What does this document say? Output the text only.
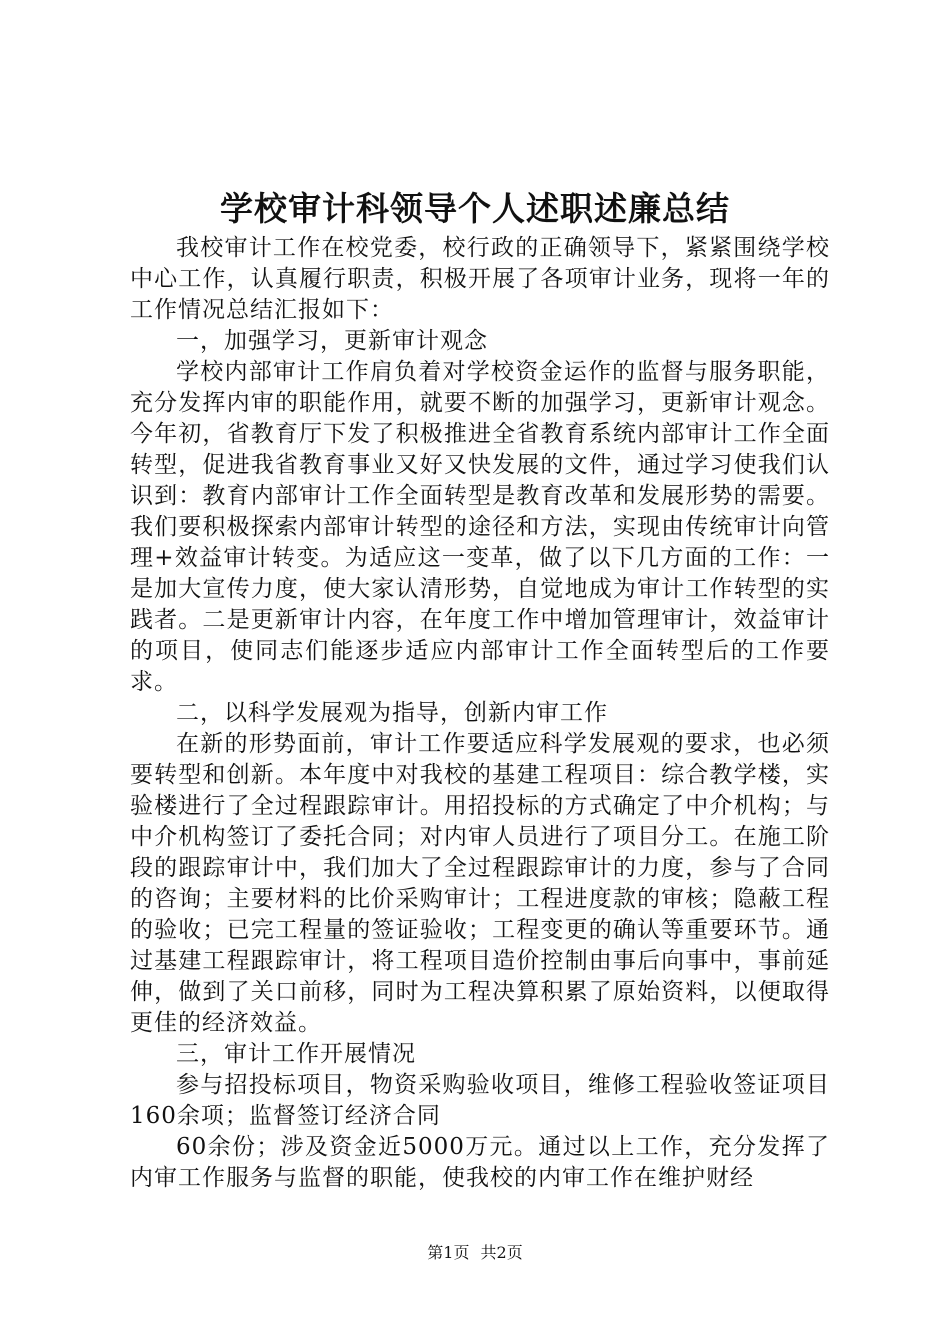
学校审计科领导个人述职述廉总结

我校审计工作在校党委，校行政的正确领导下，紧紧围绕学校中心工作，认真履行职责，积极开展了各项审计业务，现将一年的工作情况总结汇报如下：

一，加强学习，更新审计观念

学校内部审计工作肩负着对学校资金运作的监督与服务职能，充分发挥内审的职能作用，就要不断的加强学习，更新审计观念。今年初，省教育厅下发了积极推进全省教育系统内部审计工作全面转型，促进我省教育事业又好又快发展的文件，通过学习使我们认识到：教育内部审计工作全面转型是教育改革和发展形势的需要。我们要积极探索内部审计转型的途径和方法，实现由传统审计向管理+效益审计转变。为适应这一变革，做了以下几方面的工作：一是加大宣传力度，使大家认清形势，自觉地成为审计工作转型的实践者。二是更新审计内容，在年度工作中增加管理审计，效益审计的项目，使同志们能逐步适应内部审计工作全面转型后的工作要求。

二，以科学发展观为指导，创新内审工作

在新的形势面前，审计工作要适应科学发展观的要求，也必须要转型和创新。本年度中对我校的基建工程项目：综合教学楼，实验楼进行了全过程跟踪审计。用招投标的方式确定了中介机构；与中介机构签订了委托合同；对内审人员进行了项目分工。在施工阶段的跟踪审计中，我们加大了全过程跟踪审计的力度，参与了合同的咨询；主要材料的比价采购审计；工程进度款的审核；隐蔽工程的验收；已完工程量的签证验收；工程变更的确认等重要环节。通过基建工程跟踪审计，将工程项目造价控制由事后向事中，事前延伸，做到了关口前移，同时为工程决算积累了原始资料，以便取得更佳的经济效益。

三，审计工作开展情况

参与招投标项目，物资采购验收项目，维修工程验收签证项目160余项；监督签订经济合同

60余份；涉及资金近5000万元。通过以上工作，充分发挥了内审工作服务与监督的职能，使我校的内审工作在维护财经

第1页 共2页
